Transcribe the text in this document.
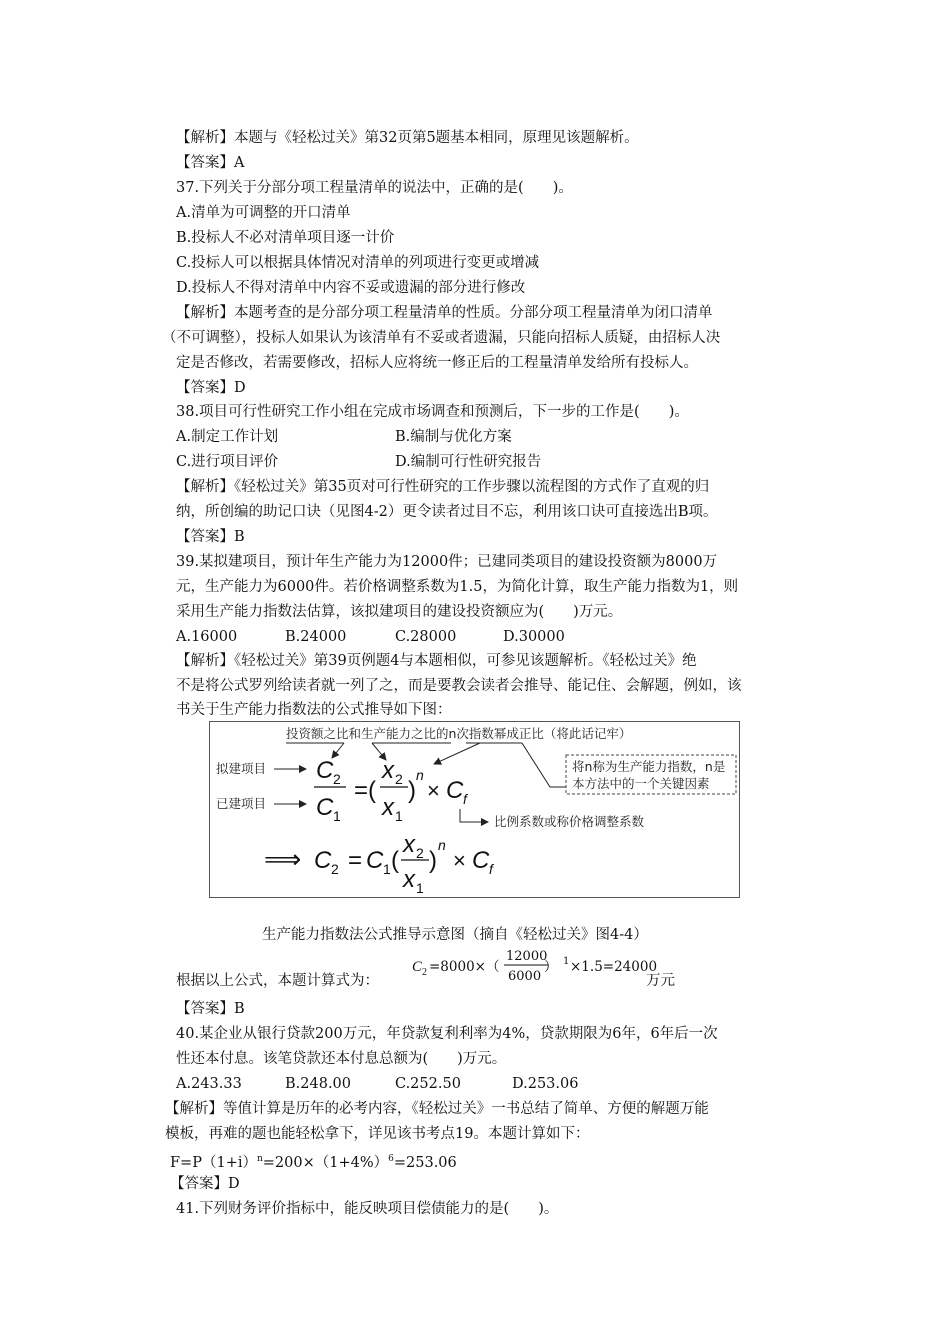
【解析】本题与《轻松过关》第32页第5题基本相同，原理见该题解析。
【答案】A
37.下列关于分部分项工程量清单的说法中，正确的是(　　)。
A.清单为可调整的开口清单
B.投标人不必对清单项目逐一计价
C.投标人可以根据具体情况对清单的列项进行变更或增减
D.投标人不得对清单中内容不妥或遗漏的部分进行修改
【解析】本题考查的是分部分项工程量清单的性质。分部分项工程量清单为闭口清单
（不可调整），投标人如果认为该清单有不妥或者遗漏，只能向招标人质疑，由招标人决
定是否修改，若需要修改，招标人应将统一修正后的工程量清单发给所有投标人。
【答案】D
38.项目可行性研究工作小组在完成市场调查和预测后，下一步的工作是(　　)。
A.制定工作计划	B.编制与优化方案
C.进行项目评价	D.编制可行性研究报告
【解析】《轻松过关》第35页对可行性研究的工作步骤以流程图的方式作了直观的归
纳，所创编的助记口诀（见图4-2）更令读者过目不忘，利用该口诀可直接选出B项。
【答案】B
39.某拟建项目，预计年生产能力为12000件；已建同类项目的建设投资额为8000万
元，生产能力为6000件。若价格调整系数为1.5，为简化计算，取生产能力指数为1，则
采用生产能力指数法估算，该拟建项目的建设投资额应为(　　)万元。
A.16000	B.24000	C.28000	D.30000
【解析】《轻松过关》第39页例题4与本题相似，可参见该题解析。《轻松过关》绝
不是将公式罗列给读者就一列了之，而是要教会读者会推导、能记住、会解题，例如，该
书关于生产能力指数法的公式推导如下图：
投资额之比和生产能力之比的n次指数幂成正比（将此话记牢）
拟建项目
已建项目
C 2
C 1
=(
x 2
x 1
)
n
× C f
比例系数或称价格调整系数
将n称为生产能力指数，n是
本方法中的一个关键因素
⟹ C 2 = C 1 (
x 2
x 1
)
n
× C f
生产能力指数法公式推导示意图（摘自《轻松过关》图4-4）
根据以上公式，本题计算式为：
C 2 =8000×（
12000
6000
） 1 ×1.5=24000
万元
【答案】B
40.某企业从银行贷款200万元，年贷款复利利率为4%，贷款期限为6年，6年后一次
性还本付息。该笔贷款还本付息总额为(　　)万元。
A.243.33	B.248.00	C.252.50	D.253.06
【解析】等值计算是历年的必考内容，《轻松过关》一书总结了简单、方便的解题万能
模板，再难的题也能轻松拿下，详见该书考点19。本题计算如下：
$F=P(1+i)^n=200\times(1+4\%)^6=253.06$
【答案】D
41.下列财务评价指标中，能反映项目偿债能力的是(　　)。
